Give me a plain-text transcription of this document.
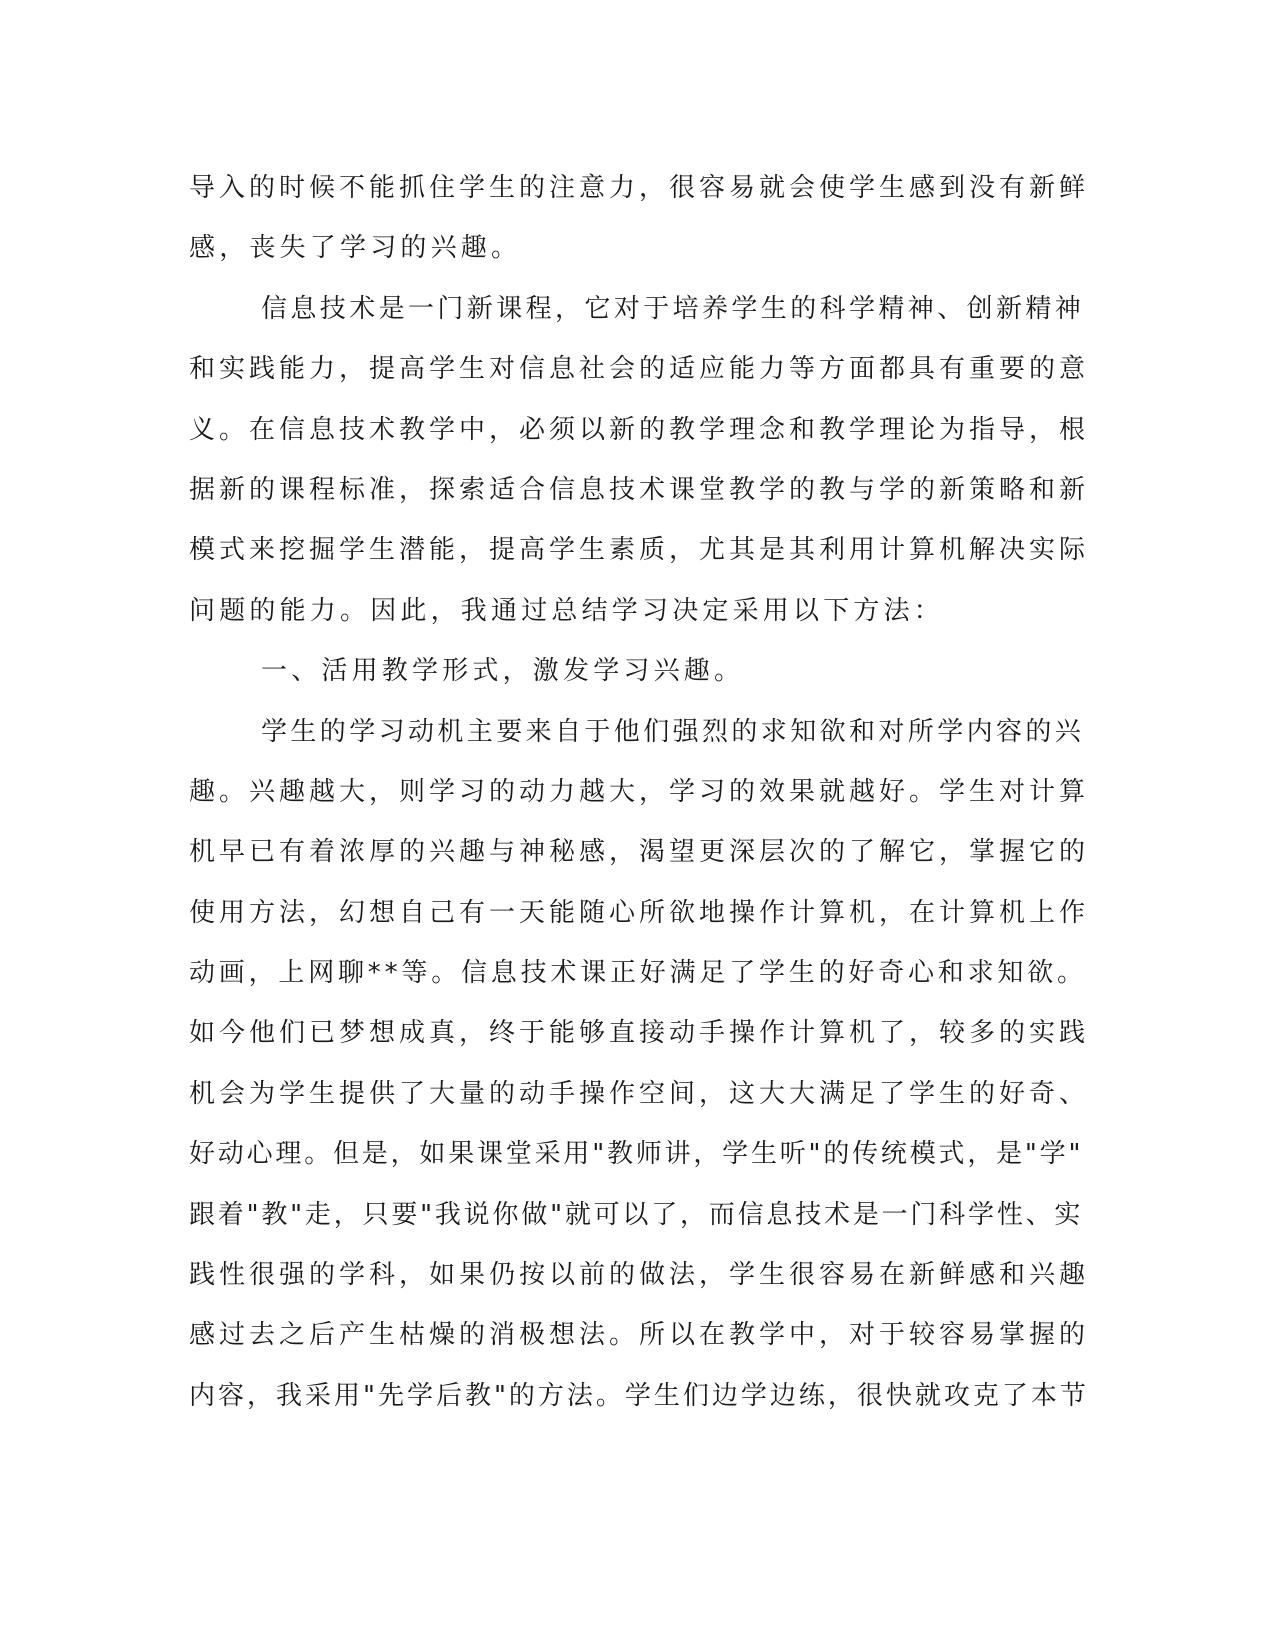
导入的时候不能抓住学生的注意力，很容易就会使学生感到没有新鲜
感，丧失了学习的兴趣。
信息技术是一门新课程，它对于培养学生的科学精神、创新精神
和实践能力，提高学生对信息社会的适应能力等方面都具有重要的意
义。在信息技术教学中，必须以新的教学理念和教学理论为指导，根
据新的课程标准，探索适合信息技术课堂教学的教与学的新策略和新
模式来挖掘学生潜能，提高学生素质，尤其是其利用计算机解决实际
问题的能力。因此，我通过总结学习决定采用以下方法：
一、活用教学形式，激发学习兴趣。
学生的学习动机主要来自于他们强烈的求知欲和对所学内容的兴
趣。兴趣越大，则学习的动力越大，学习的效果就越好。学生对计算
机早已有着浓厚的兴趣与神秘感，渴望更深层次的了解它，掌握它的
使用方法，幻想自己有一天能随心所欲地操作计算机，在计算机上作
动画，上网聊**等。信息技术课正好满足了学生的好奇心和求知欲。
如今他们已梦想成真，终于能够直接动手操作计算机了，较多的实践
机会为学生提供了大量的动手操作空间，这大大满足了学生的好奇、
好动心理。但是，如果课堂采用"教师讲，学生听"的传统模式，是"学"
跟着"教"走，只要"我说你做"就可以了，而信息技术是一门科学性、实
践性很强的学科，如果仍按以前的做法，学生很容易在新鲜感和兴趣
感过去之后产生枯燥的消极想法。所以在教学中，对于较容易掌握的
内容，我采用"先学后教"的方法。学生们边学边练，很快就攻克了本节
